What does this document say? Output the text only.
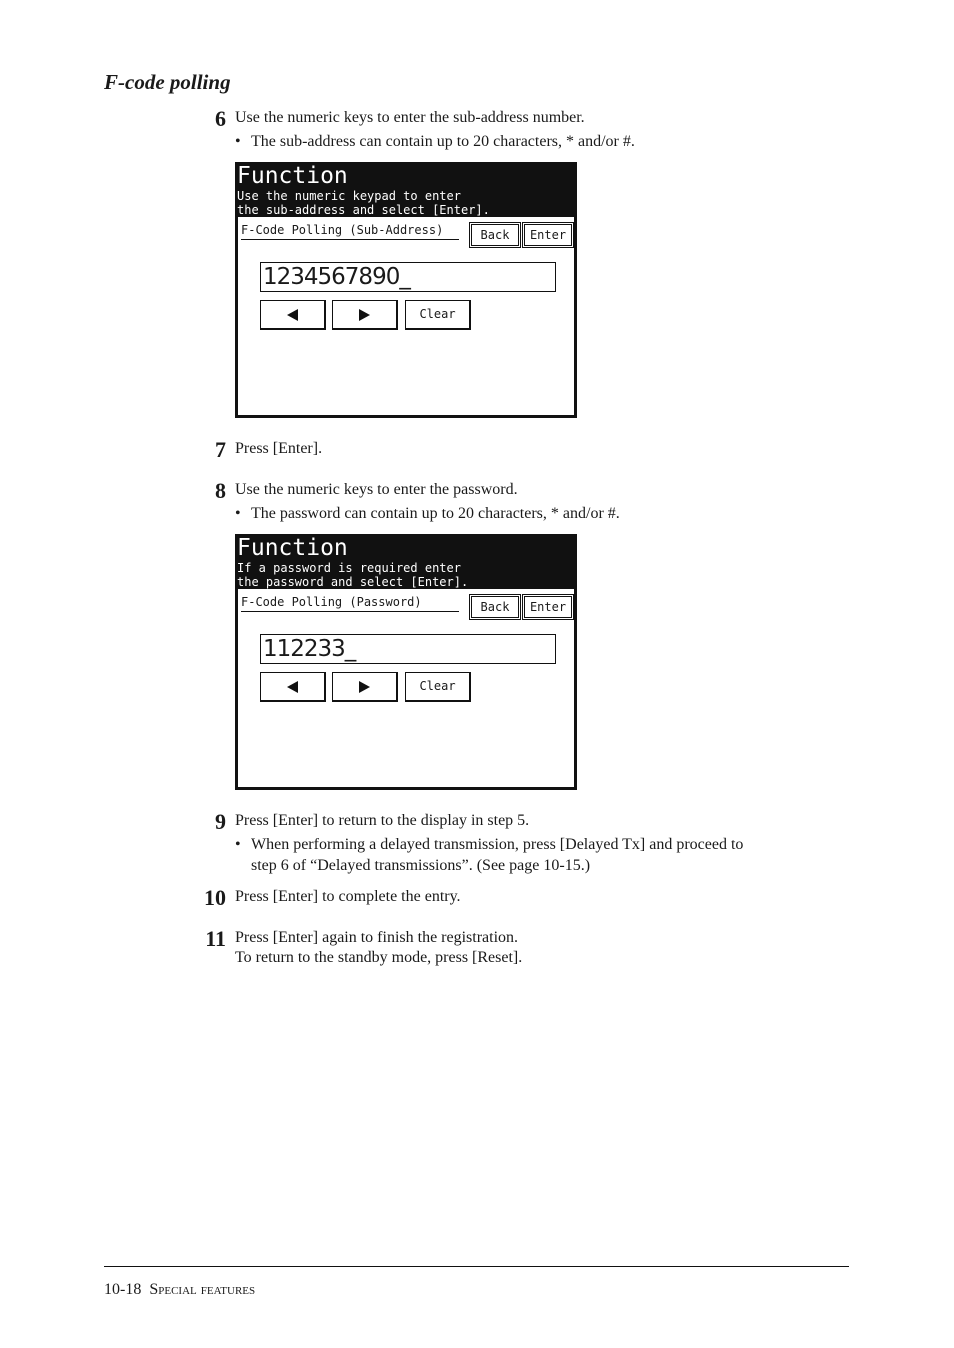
F-code polling
6 Use the numeric keys to enter the sub-address number.
• The sub-address can contain up to 20 characters, * and/or #.
Function
Use the numeric keypad to enter
the sub-address and select [Enter].
F-Code Polling (Sub-Address)	Back	Enter
1234567890_
Clear
7 Press [Enter].
8 Use the numeric keys to enter the password.
• The password can contain up to 20 characters, * and/or #.
Function
If a password is required enter
the password and select [Enter].
F-Code Polling (Password)	Back	Enter
112233_
Clear
9 Press [Enter] to return to the display in step 5.
• When performing a delayed transmission, press [Delayed Tx] and proceed to
step 6 of “Delayed transmissions”. (See page 10-15.)
10 Press [Enter] to complete the entry.
11 Press [Enter] again to finish the registration.
To return to the standby mode, press [Reset].
10-18 Special features
